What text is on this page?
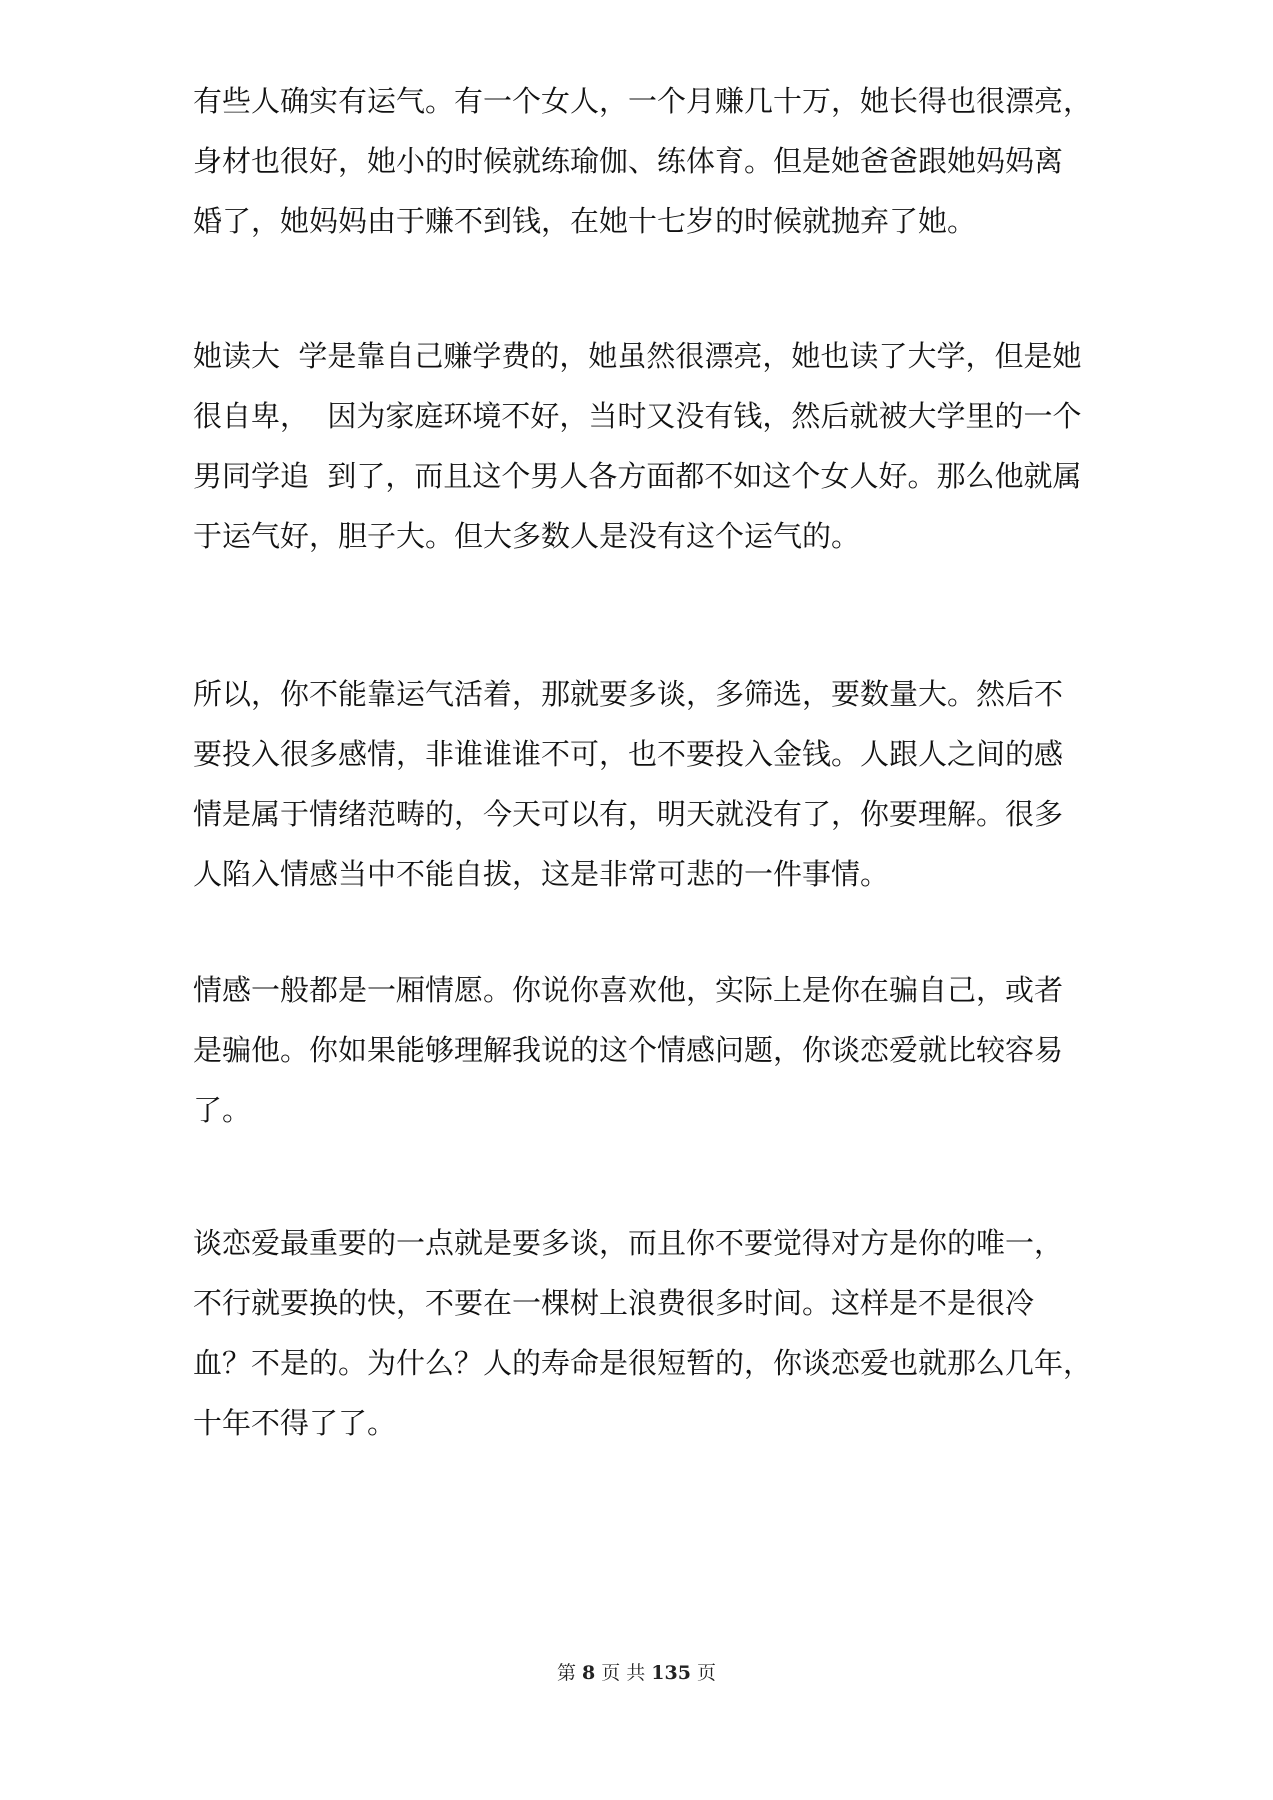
有些人确实有运气。有一个女人，一个月赚几十万，她长得也很漂亮，
身材也很好，她小的时候就练瑜伽、练体育。但是她爸爸跟她妈妈离
婚了，她妈妈由于赚不到钱，在她十七岁的时候就抛弃了她。
她读大  学是靠自己赚学费的，她虽然很漂亮，她也读了大学，但是她
很自卑，  因为家庭环境不好，当时又没有钱，然后就被大学里的一个
男同学追  到了，而且这个男人各方面都不如这个女人好。那么他就属
于运气好，胆子大。但大多数人是没有这个运气的。
所以，你不能靠运气活着，那就要多谈，多筛选，要数量大。然后不
要投入很多感情，非谁谁谁不可，也不要投入金钱。人跟人之间的感
情是属于情绪范畴的，今天可以有，明天就没有了，你要理解。很多
人陷入情感当中不能自拔，这是非常可悲的一件事情。
情感一般都是一厢情愿。你说你喜欢他，实际上是你在骗自己，或者
是骗他。你如果能够理解我说的这个情感问题，你谈恋爱就比较容易
了。
谈恋爱最重要的一点就是要多谈，而且你不要觉得对方是你的唯一，
不行就要换的快，不要在一棵树上浪费很多时间。这样是不是很冷
血？不是的。为什么？人的寿命是很短暂的，你谈恋爱也就那么几年，
十年不得了了。
第 8 页 共 135 页
